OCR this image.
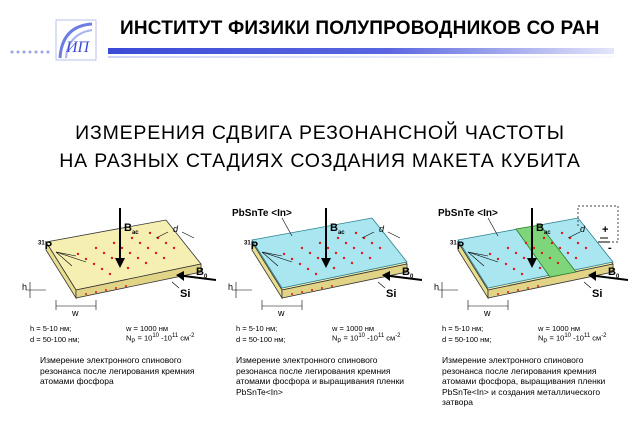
ИП
ИНСТИТУТ ФИЗИКИ ПОЛУПРОВОДНИКОВ СО РАН
ИЗМЕРЕНИЯ СДВИГА РЕЗОНАНСНОЙ ЧАСТОТЫ
НА РАЗНЫХ СТАДИЯХ СОЗДАНИЯ МАКЕТА КУБИТА
$B_{ac}$
$B_0$
$^{31}$P
d
h
w
Si
h = 5-10 нм;	w = 1000 нм
d = 50-100 нм;	$N_P = 10^{10}$ $-10^{11}$ $см^{-2}$
PbSnTe <In>
$B_{ac}$
$B_0$
$^{31}$P
d
h
w
Si
h = 5-10 нм;	w = 1000 нм
d = 50-100 нм;	$N_P = 10^{10}$ $-10^{11}$ $см^{-2}$
PbSnTe <In>
$B_{ac}$
$B_0$
$^{31}$P
d +
-
h
w
Si
h = 5-10 нм;	w = 1000 нм
d = 50-100 нм;	$N_P = 10^{10}$ $-10^{11}$ $см^{-2}$
Измерение электронного спинового резонанса после легирования кремния атомами фосфора
Измерение электронного спинового резонанса после легирования кремния атомами фосфора и выращивания пленки PbSnTe<In>
Измерение электронного спинового резонанса после легирования кремния атомами фосфора, выращивания пленки PbSnTe<In> и создания металлического затвора
